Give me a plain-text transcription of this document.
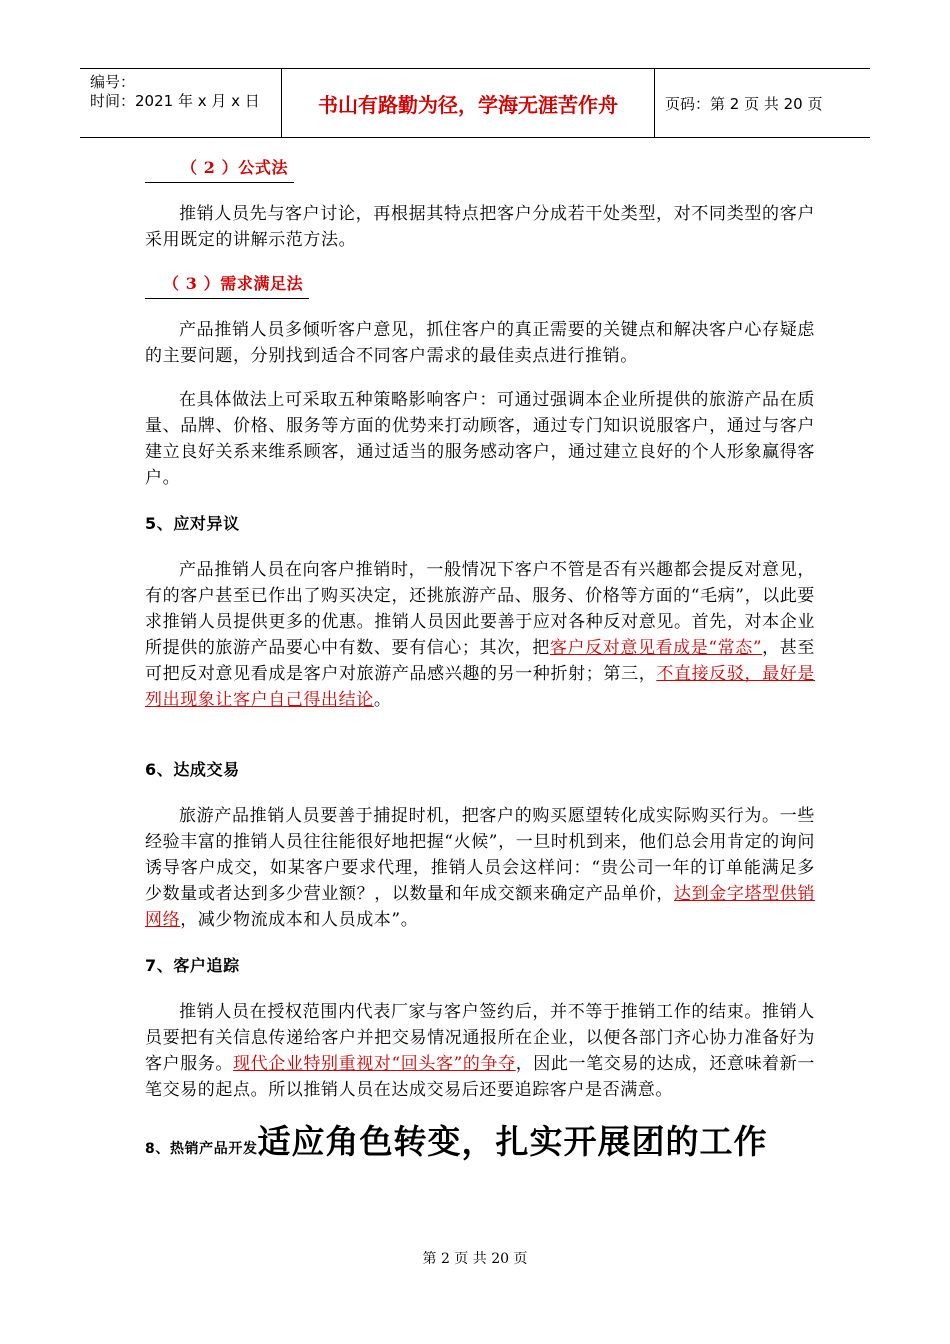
编号：
时间：2021 年 x 月 x 日	书山有路勤为径，学海无涯苦作舟	页码：第 2 页 共 20 页
（ 2 ）公式法

推销人员先与客户讨论，再根据其特点把客户分成若干处类型，对不同类型的客户采用既定的讲解示范方法。

（ 3 ）需求满足法

产品推销人员多倾听客户意见，抓住客户的真正需要的关键点和解决客户心存疑虑的主要问题，分别找到适合不同客户需求的最佳卖点进行推销。

在具体做法上可采取五种策略影响客户：可通过强调本企业所提供的旅游产品在质量、品牌、价格、服务等方面的优势来打动顾客，通过专门知识说服客户，通过与客户建立良好关系来维系顾客，通过适当的服务感动客户，通过建立良好的个人形象赢得客户。

5、应对异议

产品推销人员在向客户推销时，一般情况下客户不管是否有兴趣都会提反对意见，有的客户甚至已作出了购买决定，还挑旅游产品、服务、价格等方面的“毛病”，以此要求推销人员提供更多的优惠。推销人员因此要善于应对各种反对意见。首先，对本企业所提供的旅游产品要心中有数、要有信心；其次，把客户反对意见看成是“常态”，甚至可把反对意见看成是客户对旅游产品感兴趣的另一种折射；第三，不直接反驳，最好是列出现象让客户自己得出结论。

6、达成交易

旅游产品推销人员要善于捕捉时机，把客户的购买愿望转化成实际购买行为。一些经验丰富的推销人员往往能很好地把握“火候”，一旦时机到来，他们总会用肯定的询问诱导客户成交，如某客户要求代理，推销人员会这样问：“贵公司一年的订单能满足多少数量或者达到多少营业额？，以数量和年成交额来确定产品单价，达到金字塔型供销网络，减少物流成本和人员成本”。

7、客户追踪

推销人员在授权范围内代表厂家与客户签约后，并不等于推销工作的结束。推销人员要把有关信息传递给客户并把交易情况通报所在企业，以便各部门齐心协力准备好为客户服务。现代企业特别重视对“回头客”的争夺，因此一笔交易的达成，还意味着新一笔交易的起点。所以推销人员在达成交易后还要追踪客户是否满意。

8、热销产品开发适应角色转变，扎实开展团的工作
第 2 页 共 20 页
